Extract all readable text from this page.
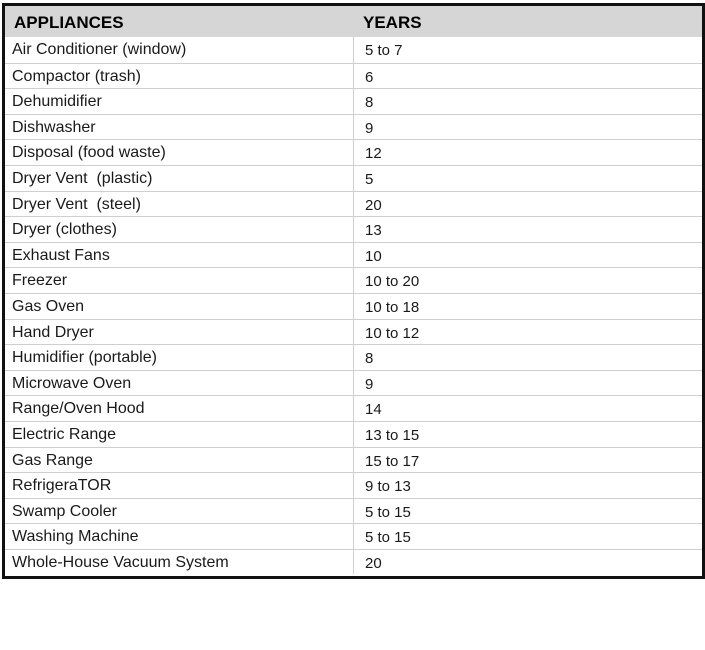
APPLIANCES	YEARS
Air Conditioner (window)	5 to 7
Compactor (trash)	6
Dehumidifier	8
Dishwasher	9
Disposal (food waste)	12
Dryer Vent  (plastic)	5
Dryer Vent  (steel)	20
Dryer (clothes)	13
Exhaust Fans	10
Freezer	10 to 20
Gas Oven	10 to 18
Hand Dryer	10 to 12
Humidifier (portable)	8
Microwave Oven	9
Range/Oven Hood	14
Electric Range	13 to 15
Gas Range	15 to 17
RefrigeraTOR	9 to 13
Swamp Cooler	5 to 15
Washing Machine	5 to 15
Whole-House Vacuum System	20
